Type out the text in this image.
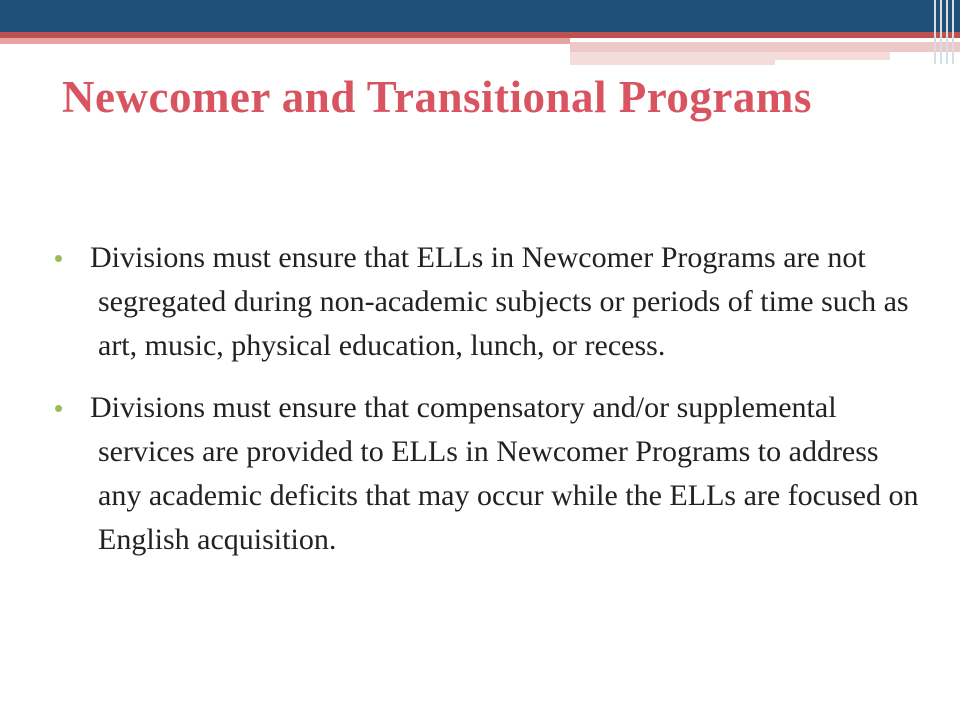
Newcomer and Transitional Programs
Divisions must ensure that ELLs in Newcomer Programs are not segregated during non-academic subjects or periods of time such as art, music, physical education, lunch, or recess.
Divisions must ensure that compensatory and/or supplemental services are provided to ELLs in Newcomer Programs to address any academic deficits that may occur while the ELLs are focused on English acquisition.
